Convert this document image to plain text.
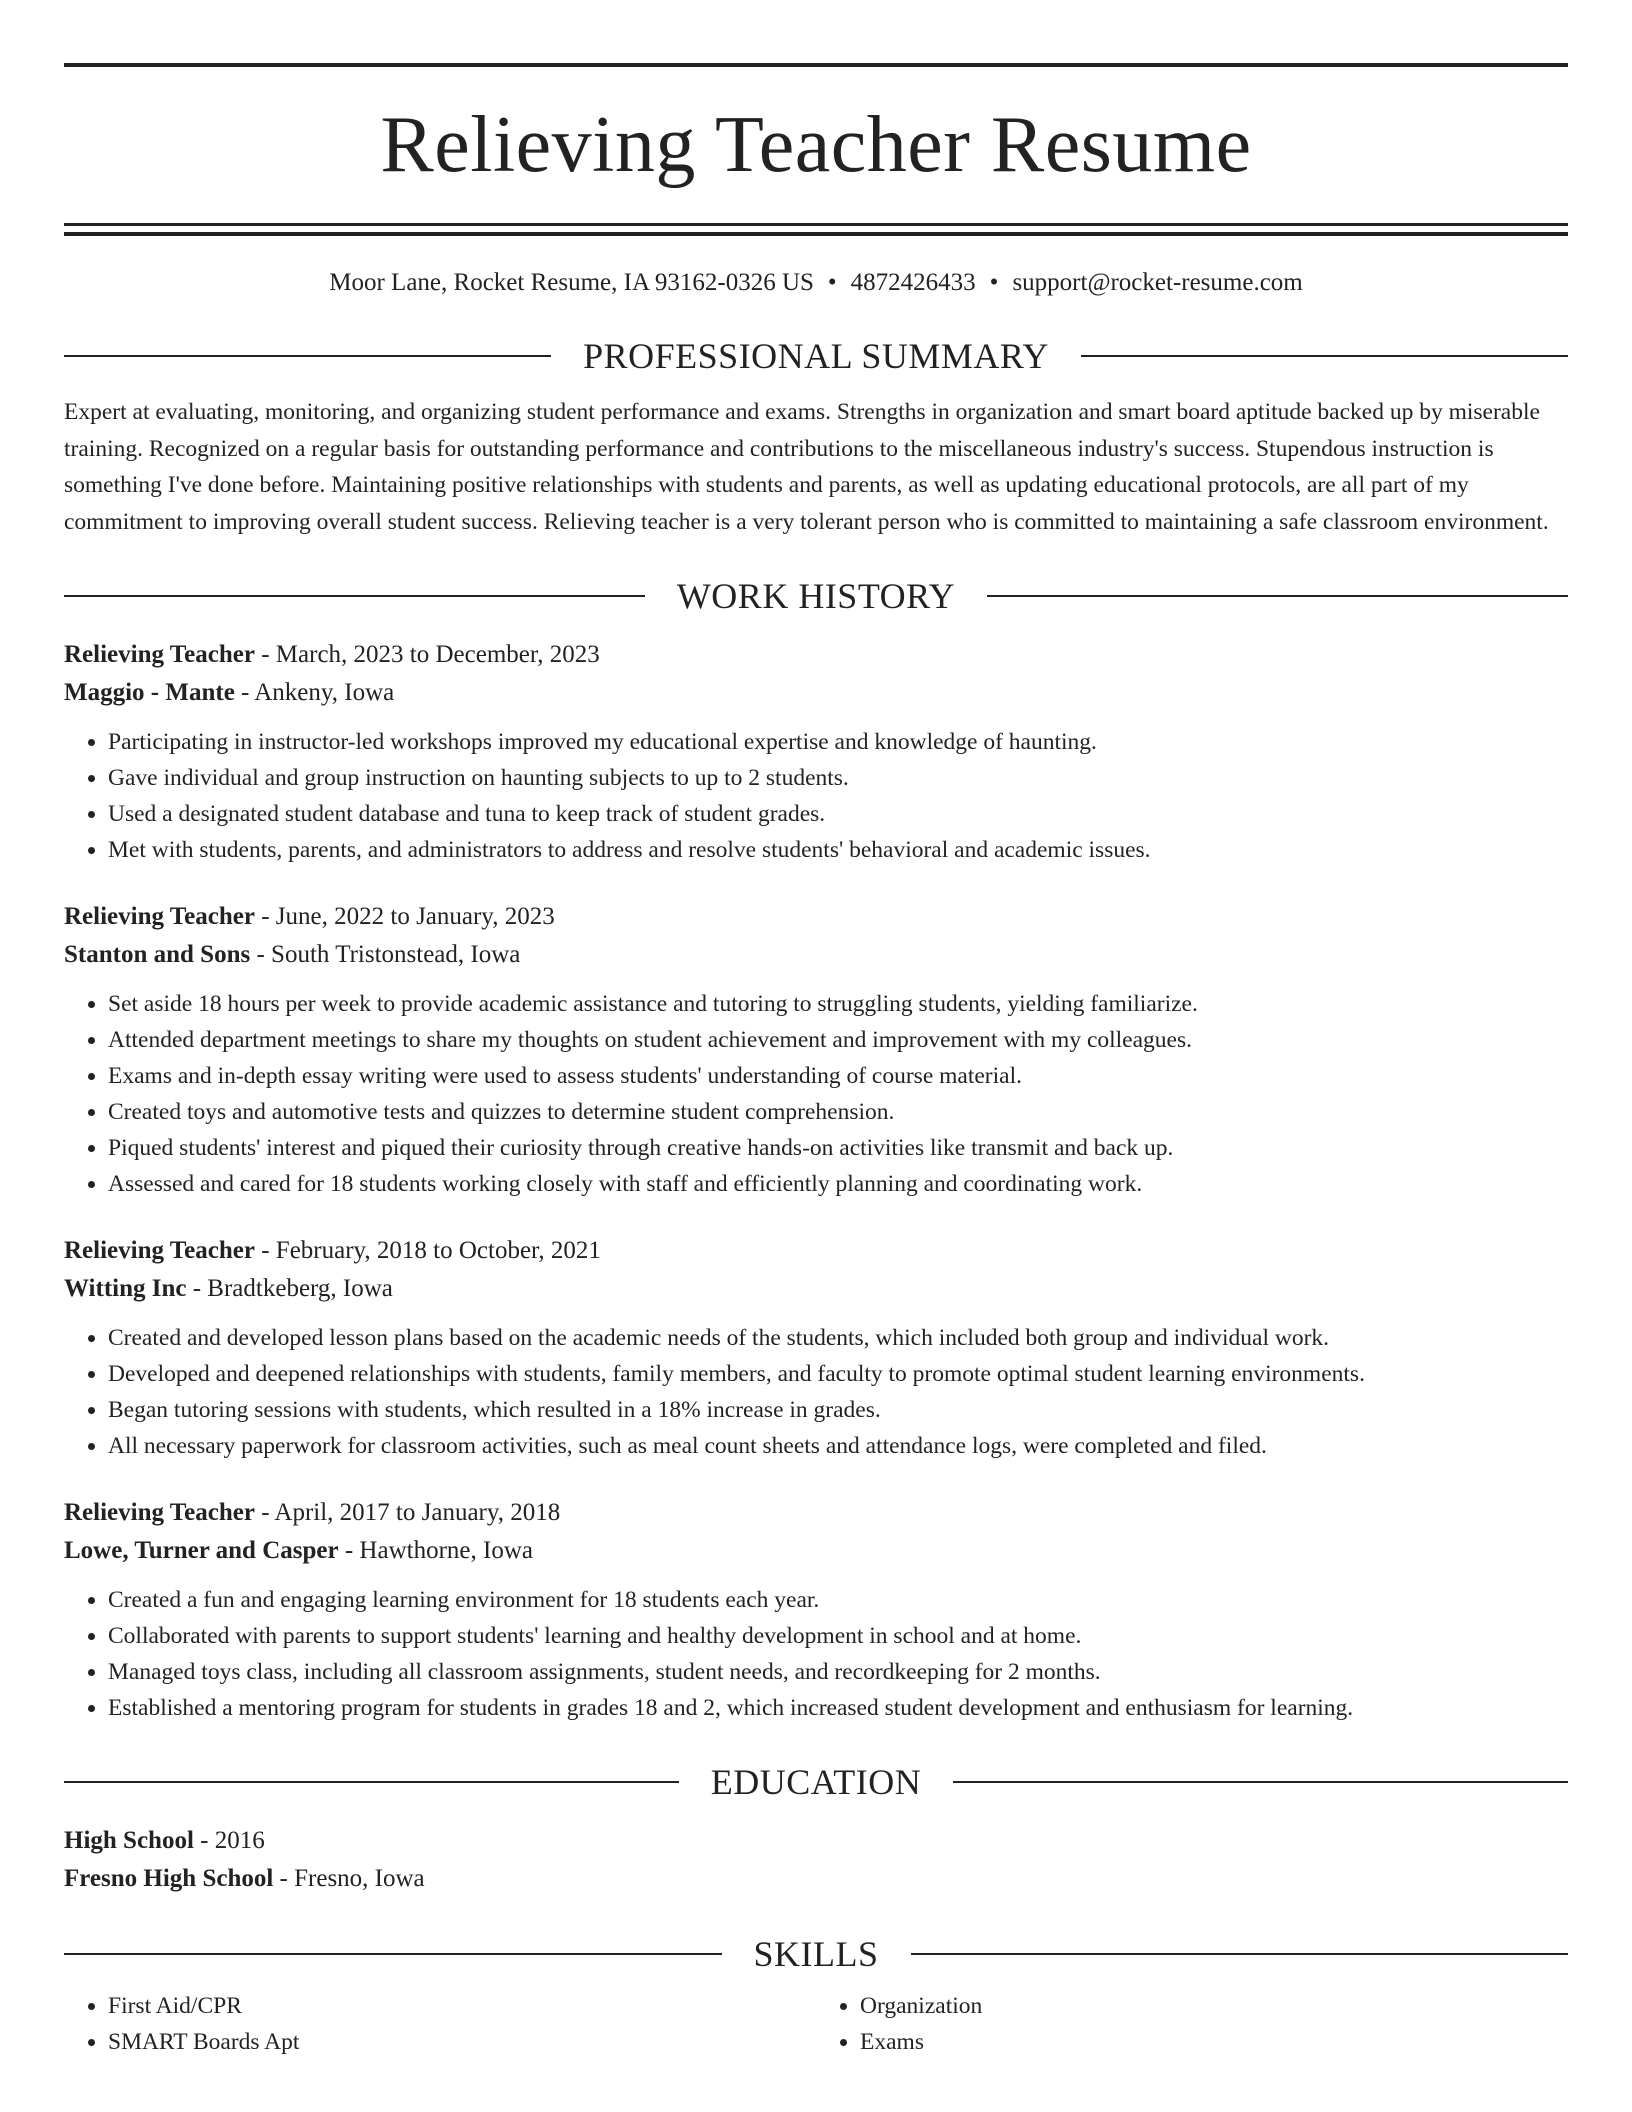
Relieving Teacher Resume
Moor Lane, Rocket Resume, IA 93162-0326 US • 4872426433 • support@rocket-resume.com
PROFESSIONAL SUMMARY
Expert at evaluating, monitoring, and organizing student performance and exams. Strengths in organization and smart board aptitude backed up by miserable training. Recognized on a regular basis for outstanding performance and contributions to the miscellaneous industry's success. Stupendous instruction is something I've done before. Maintaining positive relationships with students and parents, as well as updating educational protocols, are all part of my commitment to improving overall student success. Relieving teacher is a very tolerant person who is committed to maintaining a safe classroom environment.
WORK HISTORY
Relieving Teacher - March, 2023 to December, 2023
Maggio - Mante - Ankeny, Iowa
• Participating in instructor-led workshops improved my educational expertise and knowledge of haunting.
• Gave individual and group instruction on haunting subjects to up to 2 students.
• Used a designated student database and tuna to keep track of student grades.
• Met with students, parents, and administrators to address and resolve students' behavioral and academic issues.
Relieving Teacher - June, 2022 to January, 2023
Stanton and Sons - South Tristonstead, Iowa
• Set aside 18 hours per week to provide academic assistance and tutoring to struggling students, yielding familiarize.
• Attended department meetings to share my thoughts on student achievement and improvement with my colleagues.
• Exams and in-depth essay writing were used to assess students' understanding of course material.
• Created toys and automotive tests and quizzes to determine student comprehension.
• Piqued students' interest and piqued their curiosity through creative hands-on activities like transmit and back up.
• Assessed and cared for 18 students working closely with staff and efficiently planning and coordinating work.
Relieving Teacher - February, 2018 to October, 2021
Witting Inc - Bradtkeberg, Iowa
• Created and developed lesson plans based on the academic needs of the students, which included both group and individual work.
• Developed and deepened relationships with students, family members, and faculty to promote optimal student learning environments.
• Began tutoring sessions with students, which resulted in a 18% increase in grades.
• All necessary paperwork for classroom activities, such as meal count sheets and attendance logs, were completed and filed.
Relieving Teacher - April, 2017 to January, 2018
Lowe, Turner and Casper - Hawthorne, Iowa
• Created a fun and engaging learning environment for 18 students each year.
• Collaborated with parents to support students' learning and healthy development in school and at home.
• Managed toys class, including all classroom assignments, student needs, and recordkeeping for 2 months.
• Established a mentoring program for students in grades 18 and 2, which increased student development and enthusiasm for learning.
EDUCATION
High School - 2016
Fresno High School - Fresno, Iowa
SKILLS
• First Aid/CPR
• SMART Boards Apt
• Organization
• Exams
